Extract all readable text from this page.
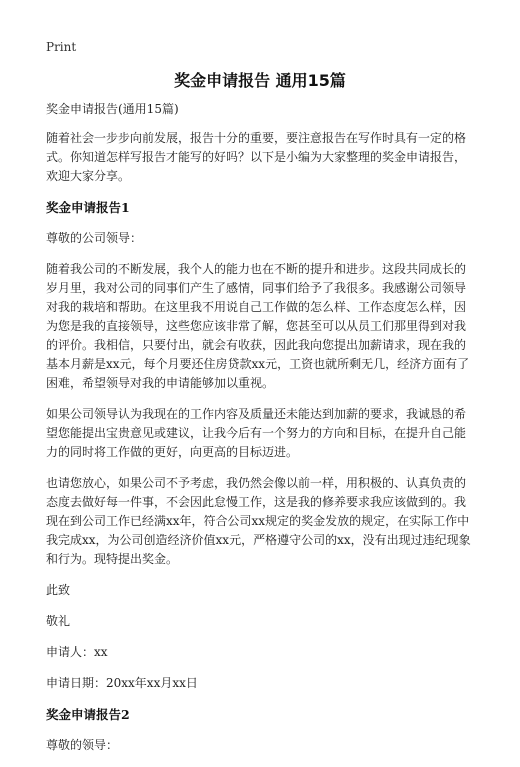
Print
奖金申请报告 通用15篇

奖金申请报告(通用15篇)

随着社会一步步向前发展，报告十分的重要，要注意报告在写作时具有一定的格式。你知道怎样写报告才能写的好吗？以下是小编为大家整理的奖金申请报告，欢迎大家分享。

奖金申请报告1

尊敬的公司领导：

随着我公司的不断发展，我个人的能力也在不断的提升和进步。这段共同成长的岁月里，我对公司的同事们产生了感情，同事们给予了我很多。我感谢公司领导对我的栽培和帮助。在这里我不用说自己工作做的怎么样、工作态度怎么样，因为您是我的直接领导，这些您应该非常了解，您甚至可以从员工们那里得到对我的评价。我相信，只要付出，就会有收获，因此我向您提出加薪请求，现在我的基本月薪是xx元，每个月要还住房贷款xx元，工资也就所剩无几，经济方面有了困难，希望领导对我的申请能够加以重视。

如果公司领导认为我现在的工作内容及质量还未能达到加薪的要求，我诚恳的希望您能提出宝贵意见或建议，让我今后有一个努力的方向和目标，在提升自己能力的同时将工作做的更好，向更高的目标迈进。

也请您放心，如果公司不予考虑，我仍然会像以前一样，用积极的、认真负责的态度去做好每一件事，不会因此怠慢工作，这是我的修养要求我应该做到的。我现在到公司工作已经满xx年，符合公司xx规定的奖金发放的规定，在实际工作中我完成xx，为公司创造经济价值xx元，严格遵守公司的xx，没有出现过违纪现象和行为。现特提出奖金。

此致

敬礼

申请人：xx

申请日期：20xx年xx月xx日

奖金申请报告2

尊敬的领导：
